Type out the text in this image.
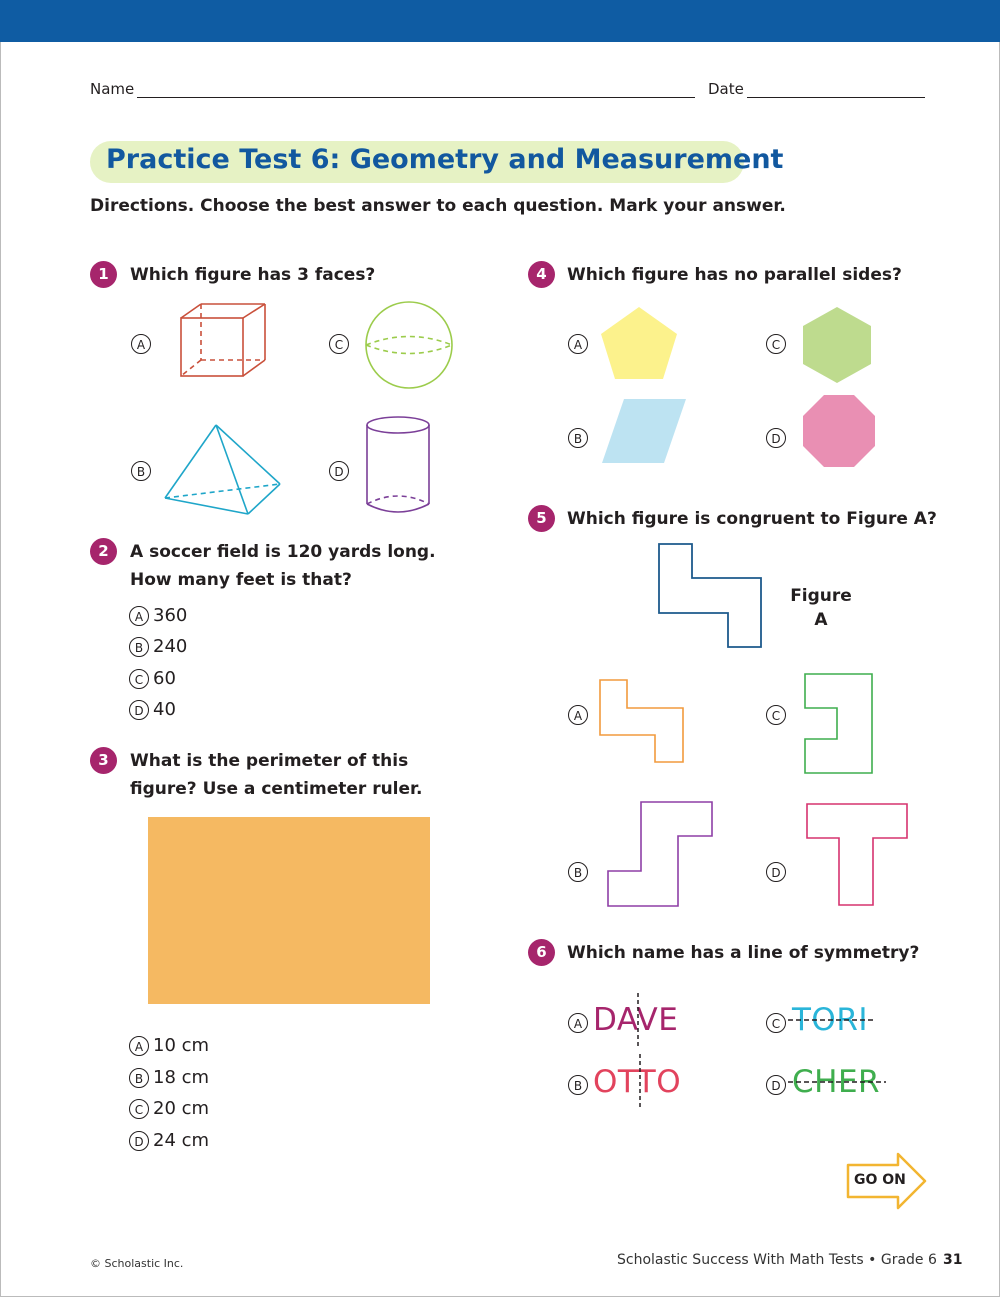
Name	Date
Practice Test 6: Geometry and Measurement
Directions. Choose the best answer to each question. Mark your answer.
1	Which figure has 3 faces?
A	C
B	D
2	A soccer field is 120 yards long. How many feet is that?
A 360
B 240
C 60
D 40
3	What is the perimeter of this figure? Use a centimeter ruler.
A 10 cm
B 18 cm
C 20 cm
D 24 cm
4	Which figure has no parallel sides?
A	C
B	D
5	Which figure is congruent to Figure A?
Figure A
A	C
B	D
6	Which name has a line of symmetry?
A DAVE
B OTTO
C TORI
D CHER
GO ON
© Scholastic Inc.	Scholastic Success With Math Tests • Grade 6 31
